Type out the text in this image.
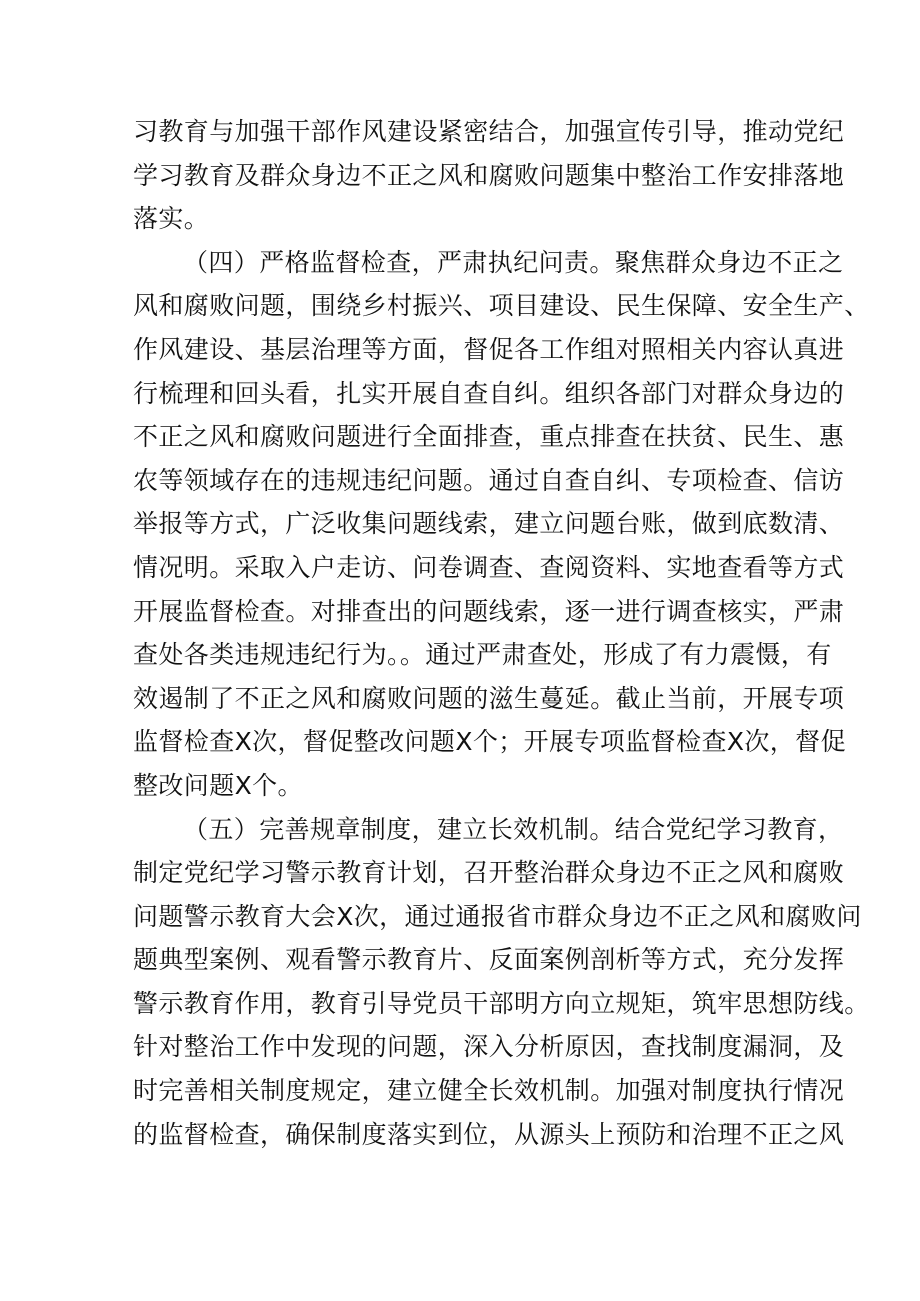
习教育与加强干部作风建设紧密结合，加强宣传引导，推动党纪
学习教育及群众身边不正之风和腐败问题集中整治工作安排落地
落实。
（四）严格监督检查，严肃执纪问责。聚焦群众身边不正之
风和腐败问题，围绕乡村振兴、项目建设、民生保障、安全生产、
作风建设、基层治理等方面，督促各工作组对照相关内容认真进
行梳理和回头看，扎实开展自查自纠。组织各部门对群众身边的
不正之风和腐败问题进行全面排查，重点排查在扶贫、民生、惠
农等领域存在的违规违纪问题。通过自查自纠、专项检查、信访
举报等方式，广泛收集问题线索，建立问题台账，做到底数清、
情况明。采取入户走访、问卷调查、查阅资料、实地查看等方式
开展监督检查。对排查出的问题线索，逐一进行调查核实，严肃
查处各类违规违纪行为。。通过严肃查处，形成了有力震慑，有
效遏制了不正之风和腐败问题的滋生蔓延。截止当前，开展专项
监督检查X次，督促整改问题X个；开展专项监督检查X次，督促
整改问题X个。
（五）完善规章制度，建立长效机制。结合党纪学习教育，
制定党纪学习警示教育计划，召开整治群众身边不正之风和腐败
问题警示教育大会X次，通过通报省市群众身边不正之风和腐败问
题典型案例、观看警示教育片、反面案例剖析等方式，充分发挥
警示教育作用，教育引导党员干部明方向立规矩，筑牢思想防线。
针对整治工作中发现的问题，深入分析原因，查找制度漏洞，及
时完善相关制度规定，建立健全长效机制。加强对制度执行情况
的监督检查，确保制度落实到位，从源头上预防和治理不正之风
